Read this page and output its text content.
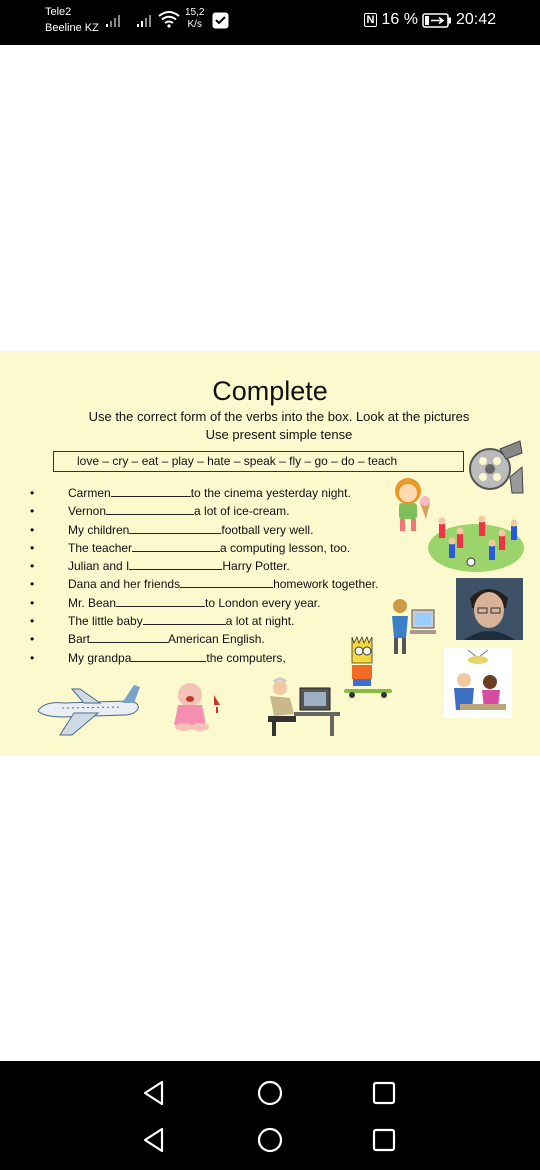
Tele2
Beeline KZ
15,2
K/s	N 16 % 20:42
Complete
Use the correct form of the verbs into the box. Look at the pictures
Use present simple tense
love – cry – eat – play – hate – speak – fly – go – do – teach
•	Carmen	to the cinema yesterday night.
•	Vernon	a lot of ice-cream.
•	My children	football very well.
•	The teacher	a computing lesson, too.
•	Julian and I	Harry Potter.
•	Dana and her friends	homework together.
•	Mr. Bean	to London every year.
•	The little baby	a lot at night.
•	Bart	American English.
•	My grandpa	the computers,
